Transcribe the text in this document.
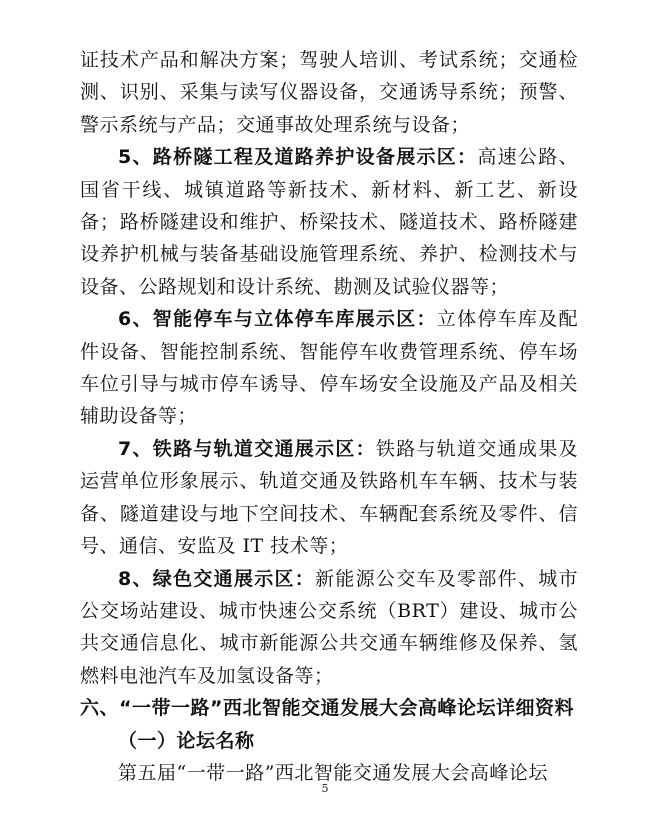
证技术产品和解决方案；驾驶人培训、考试系统；交通检测、识别、采集与读写仪器设备，交通诱导系统；预警、警示系统与产品；交通事故处理系统与设备；

5、路桥隧工程及道路养护设备展示区：高速公路、国省干线、城镇道路等新技术、新材料、新工艺、新设备；路桥隧建设和维护、桥梁技术、隧道技术、路桥隧建设养护机械与装备基础设施管理系统、养护、检测技术与设备、公路规划和设计系统、勘测及试验仪器等；

6、智能停车与立体停车库展示区：立体停车库及配件设备、智能控制系统、智能停车收费管理系统、停车场车位引导与城市停车诱导、停车场安全设施及产品及相关辅助设备等；

7、铁路与轨道交通展示区：铁路与轨道交通成果及运营单位形象展示、轨道交通及铁路机车车辆、技术与装备、隧道建设与地下空间技术、车辆配套系统及零件、信号、通信、安监及 IT 技术等；

8、绿色交通展示区：新能源公交车及零部件、城市公交场站建设、城市快速公交系统（BRT）建设、城市公共交通信息化、城市新能源公共交通车辆维修及保养、氢燃料电池汽车及加氢设备等；

六、“一带一路”西北智能交通发展大会高峰论坛详细资料

（一）论坛名称

第五届“一带一路”西北智能交通发展大会高峰论坛

5
